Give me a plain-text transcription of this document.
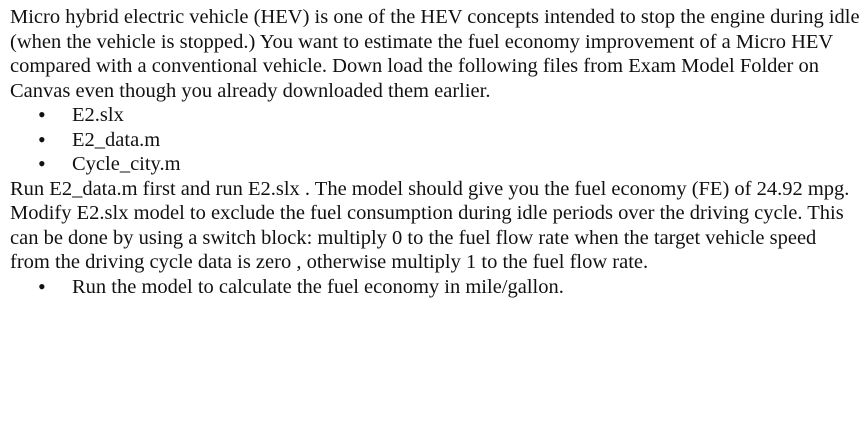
Micro hybrid electric vehicle (HEV) is one of the HEV concepts intended to stop the engine during idle (when the vehicle is stopped.) You want to estimate the fuel economy improvement of a Micro HEV compared with a conventional vehicle. Down load the following files from Exam Model Folder on Canvas even though you already downloaded them earlier.

• E2.slx
• E2_data.m
• Cycle_city.m

Run E2_data.m first and run E2.slx . The model should give you the fuel economy (FE) of 24.92 mpg.

Modify E2.slx model to exclude the fuel consumption during idle periods over the driving cycle. This can be done by using a switch block: multiply 0 to the fuel flow rate when the target vehicle speed from the driving cycle data is zero , otherwise multiply 1 to the fuel flow rate.

• Run the model to calculate the fuel economy in mile/gallon.
